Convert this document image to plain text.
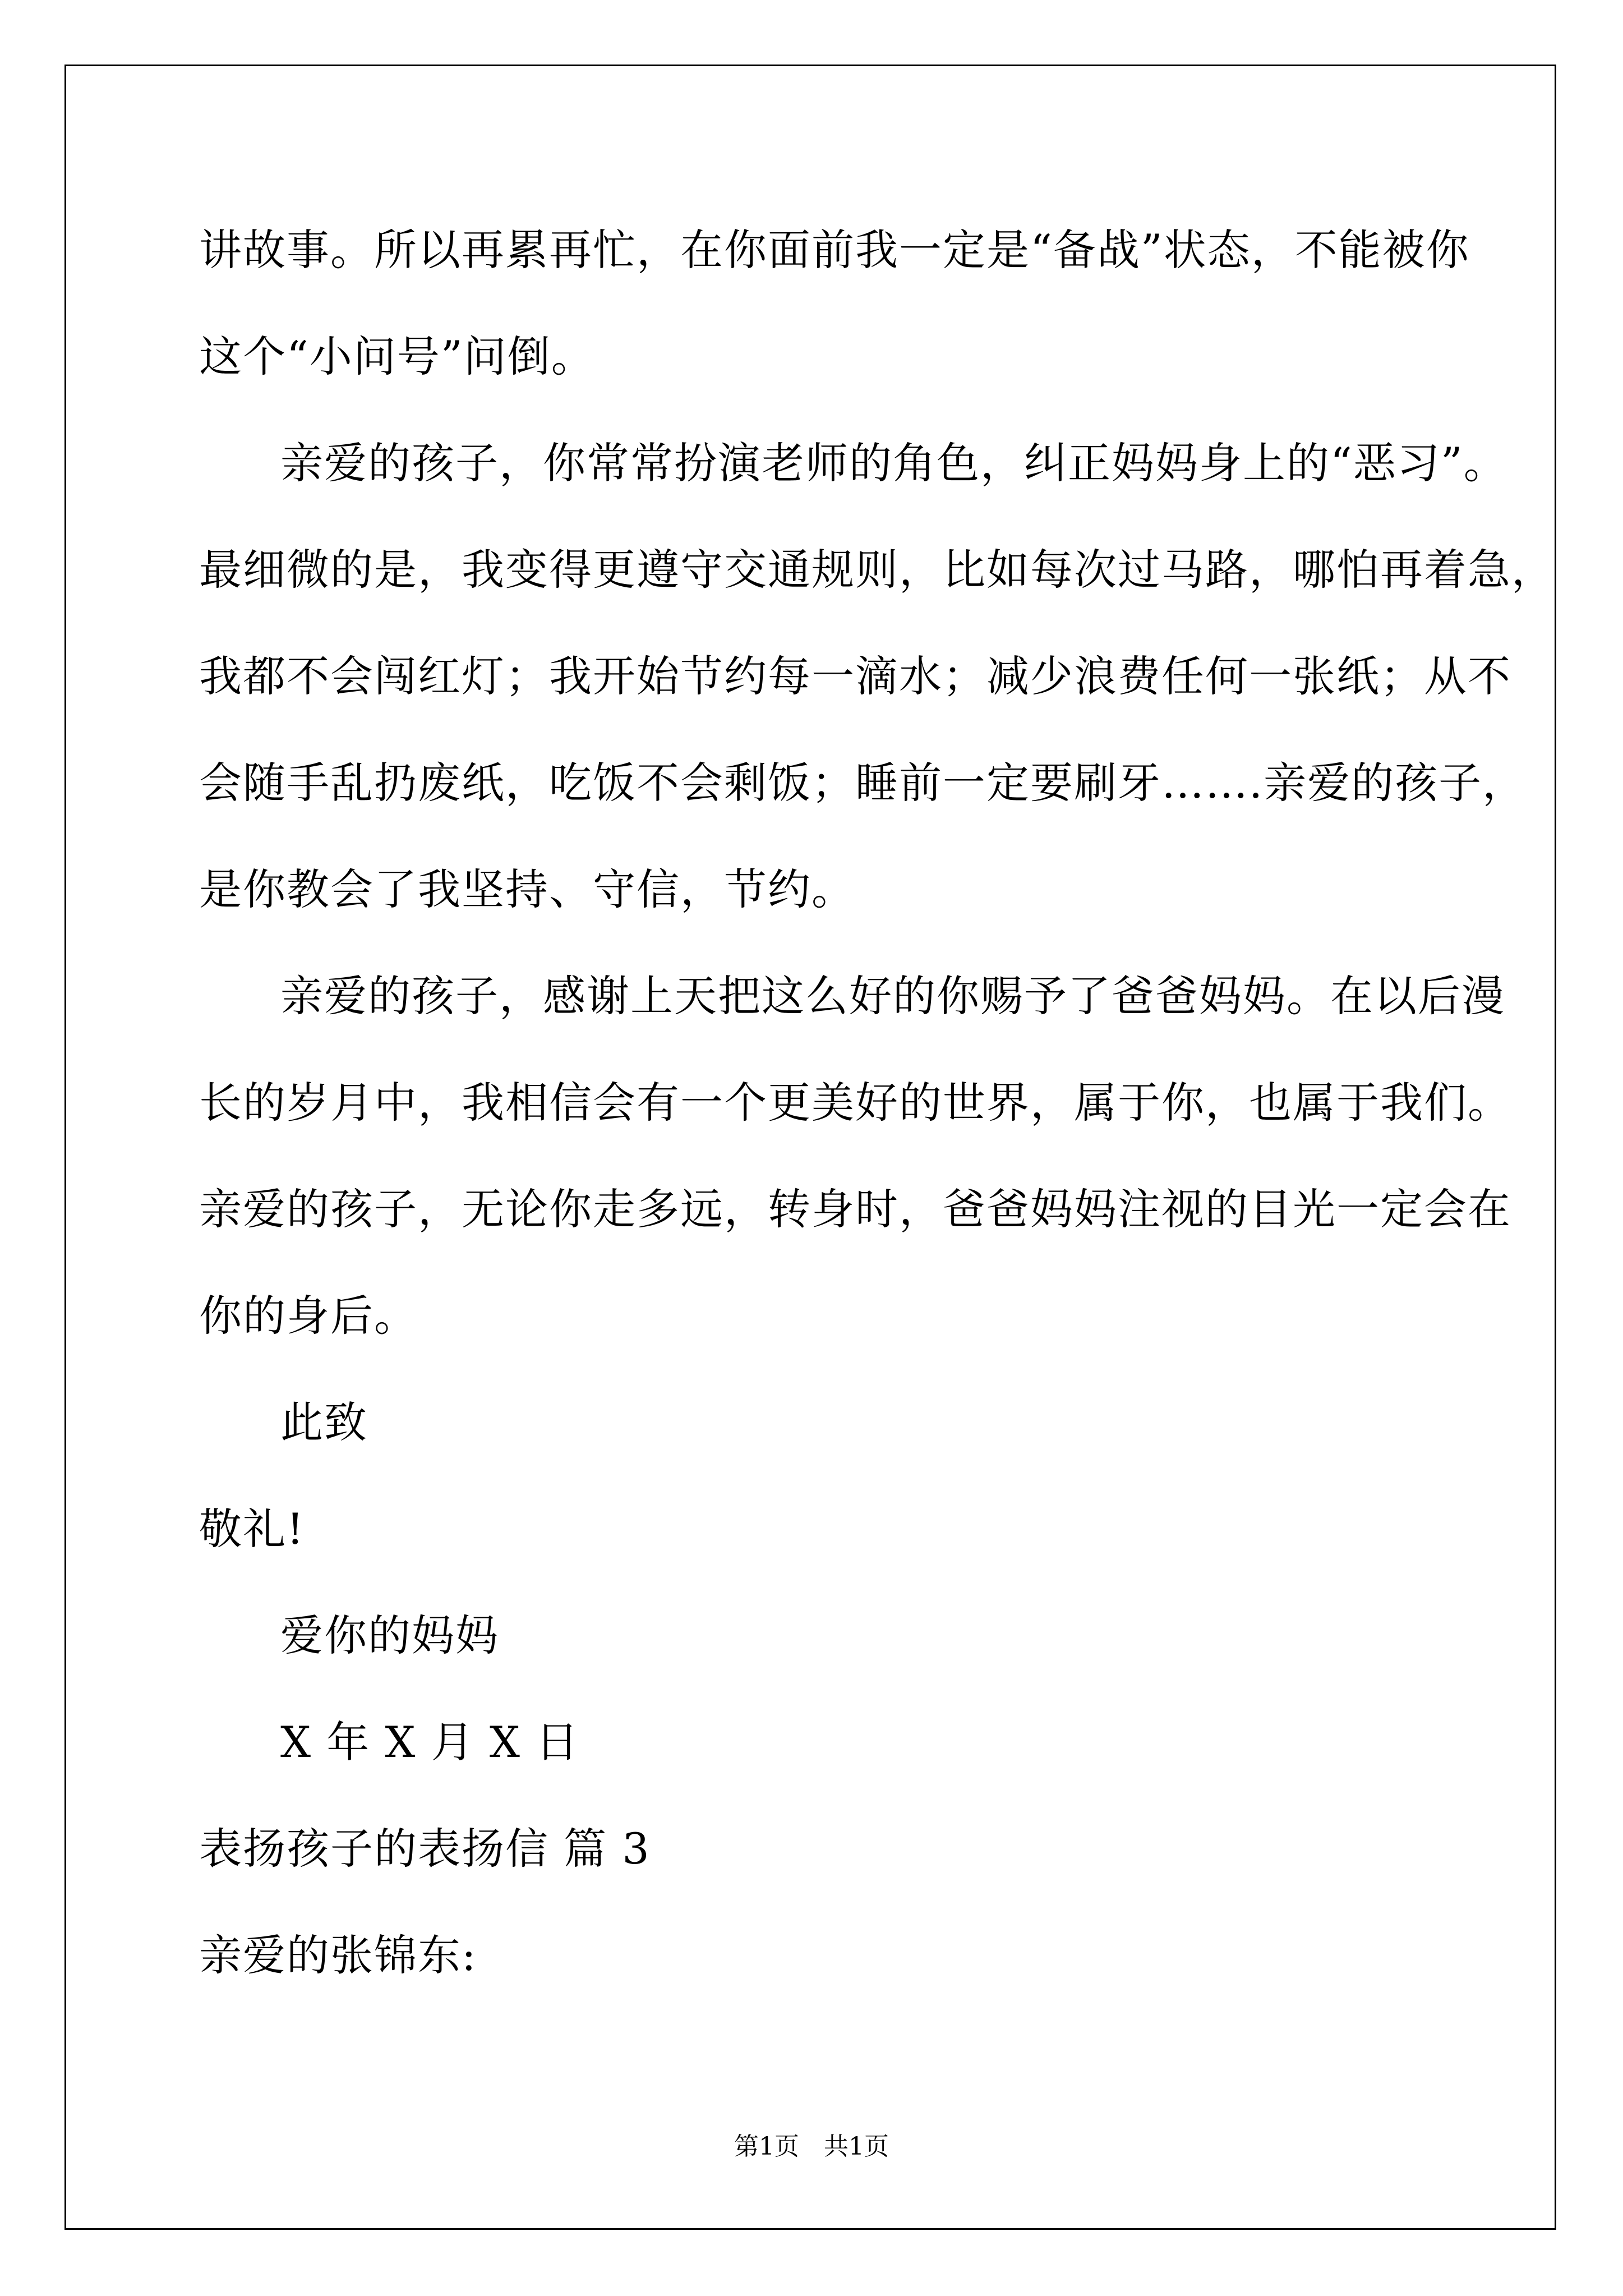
讲故事。所以再累再忙，在你面前我一定是“备战”状态，不能被你

这个“小问号”问倒。

亲爱的孩子，你常常扮演老师的角色，纠正妈妈身上的“恶习”。

最细微的是，我变得更遵守交通规则，比如每次过马路，哪怕再着急，

我都不会闯红灯；我开始节约每一滴水；减少浪费任何一张纸；从不

会随手乱扔废纸，吃饭不会剩饭；睡前一定要刷牙…….亲爱的孩子，

是你教会了我坚持、守信，节约。

亲爱的孩子，感谢上天把这么好的你赐予了爸爸妈妈。在以后漫

长的岁月中，我相信会有一个更美好的世界，属于你，也属于我们。

亲爱的孩子，无论你走多远，转身时，爸爸妈妈注视的目光一定会在

你的身后。

此致

敬礼!

爱你的妈妈

X 年 X 月 X 日

表扬孩子的表扬信 篇 3

亲爱的张锦东:

第1页　共1页
